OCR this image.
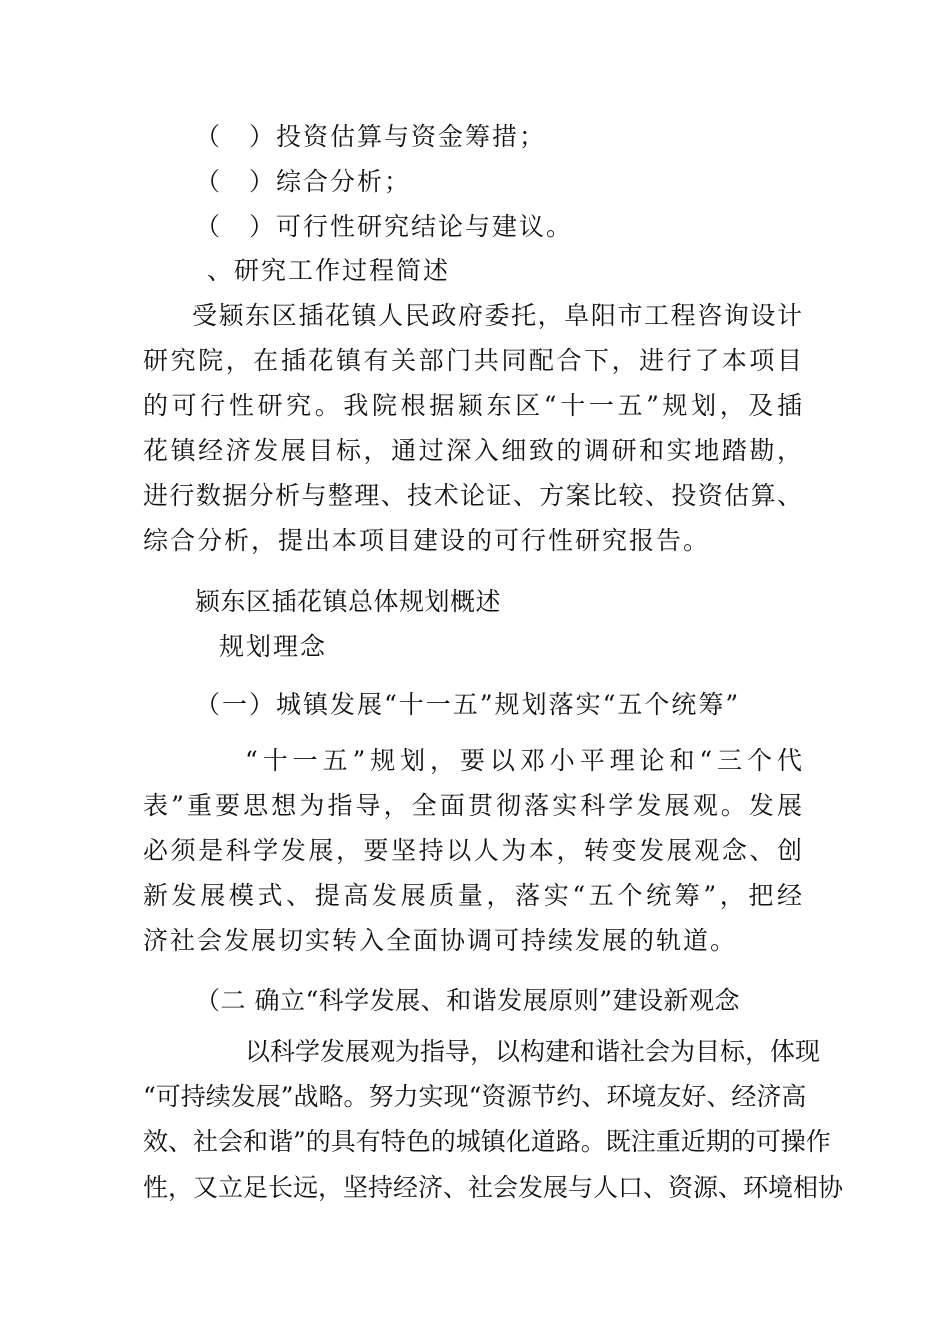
（　）投资估算与资金筹措；

（　）综合分析；

（　）可行性研究结论与建议。

、研究工作过程简述

受颍东区插花镇人民政府委托，阜阳市工程咨询设计

研究院，在插花镇有关部门共同配合下，进行了本项目

的可行性研究。我院根据颍东区“十一五”规划，及插

花镇经济发展目标，通过深入细致的调研和实地踏勘，

进行数据分析与整理、技术论证、方案比较、投资估算、

综合分析，提出本项目建设的可行性研究报告。

颍东区插花镇总体规划概述

规划理念

（一）城镇发展“十一五”规划落实“五个统筹”

“十一五”规划，要以邓小平理论和“三个代

表”重要思想为指导，全面贯彻落实科学发展观。发展

必须是科学发展，要坚持以人为本，转变发展观念、创

新发展模式、提高发展质量，落实“五个统筹”，把经

济社会发展切实转入全面协调可持续发展的轨道。

（二 确立“科学发展、和谐发展原则”建设新观念

以科学发展观为指导，以构建和谐社会为目标，体现

“可持续发展”战略。努力实现“资源节约、环境友好、经济高

效、社会和谐”的具有特色的城镇化道路。既注重近期的可操作

性，又立足长远，坚持经济、社会发展与人口、资源、环境相协
